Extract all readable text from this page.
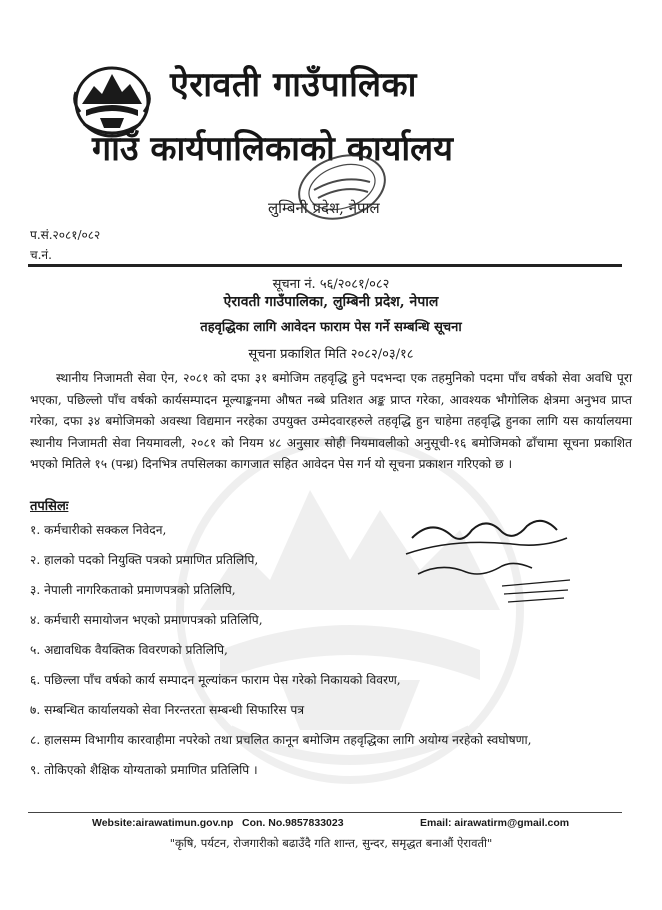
ऐरावती गाउँपालिका
गाउँ कार्यपालिकाको कार्यालय
लुम्बिनी प्रदेश, नेपाल
प.सं.२०८१/०८२
च.नं.
सूचना नं. ५६/२०८१/०८२
ऐरावती गाउँपालिका, लुम्बिनी प्रदेश, नेपाल
तहवृद्धिका लागि आवेदन फाराम पेस गर्ने सम्बन्धि सूचना
सूचना प्रकाशित मिति २०८२/०३/१८
स्थानीय निजामती सेवा ऐन, २०८१ को दफा ३१ बमोजिम तहवृद्धि हुने पदभन्दा एक तहमुनिको पदमा पाँच वर्षको सेवा अवधि पूरा भएका, पछिल्लो पाँच वर्षको कार्यसम्पादन मूल्याङ्कनमा औषत नब्बे प्रतिशत अङ्क प्राप्त गरेका, आवश्यक भौगोलिक क्षेत्रमा अनुभव प्राप्त गरेका, दफा ३४ बमोजिमको अवस्था विद्यमान नरहेका उपयुक्त उम्मेदवारहरुले तहवृद्धि हुन चाहेमा तहवृद्धि हुनका लागि यस कार्यालयमा स्थानीय निजामती सेवा नियमावली, २०८१ को नियम ४८ अनुसार सोही नियमावलीको अनुसूची-१६ बमोजिमको ढाँचामा सूचना प्रकाशित भएको मितिले १५ (पन्ध्र) दिनभित्र तपसिलका कागजात सहित आवेदन पेस गर्न यो सूचना प्रकाशन गरिएको छ ।
तपसिलः
१. कर्मचारीको सक्कल निवेदन,
२. हालको पदको नियुक्ति पत्रको प्रमाणित प्रतिलिपि,
३. नेपाली नागरिकताको प्रमाणपत्रको प्रतिलिपि,
४. कर्मचारी समायोजन भएको प्रमाणपत्रको प्रतिलिपि,
५. अद्यावधिक वैयक्तिक विवरणको प्रतिलिपि,
६. पछिल्ला पाँच वर्षको कार्य सम्पादन मूल्यांकन फाराम पेस गरेको निकायको विवरण,
७. सम्बन्धित कार्यालयको सेवा निरन्तरता सम्बन्धी सिफारिस पत्र
८. हालसम्म विभागीय कारवाहीमा नपरेको तथा प्रचलित कानून बमोजिम तहवृद्धिका लागि अयोग्य नरहेको स्वघोषणा,
९. तोकिएको शैक्षिक योग्यताको प्रमाणित प्रतिलिपि ।
Website:airawatimun.gov.np Con. No.9857833023	Email: airawatirm@gmail.com
"कृषि, पर्यटन, रोजगारीको बढाउँदै गति शान्त, सुन्दर, समृद्धत बनाऔं ऐरावती"
